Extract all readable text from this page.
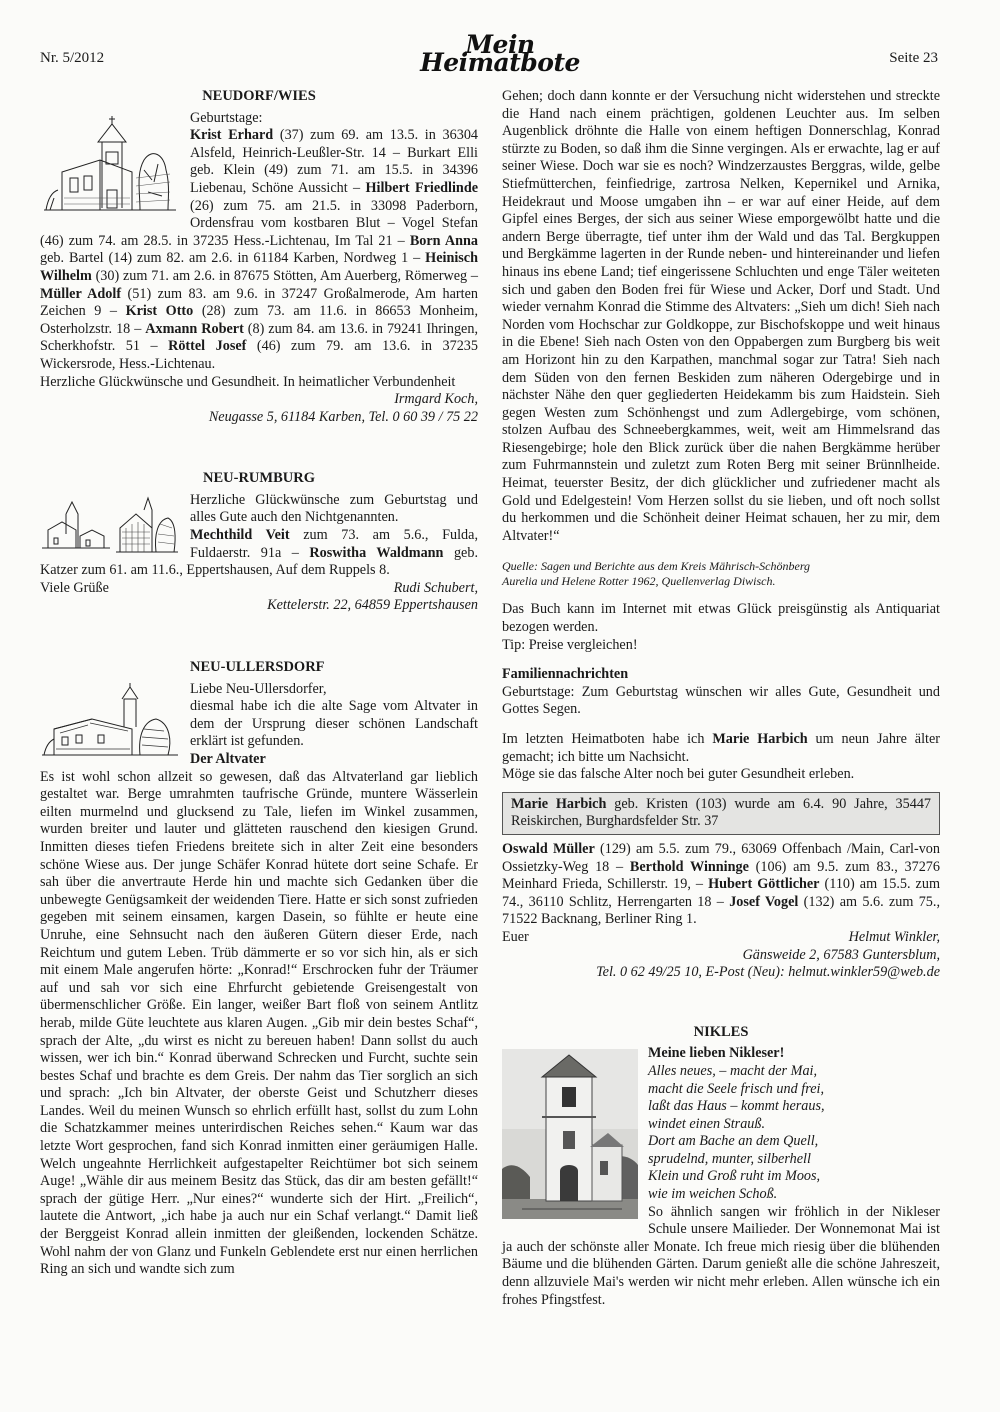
Nr. 5/2012	Mein Heimatbote	Seite 23
NEUDORF/WIES

Geburtstage:
Krist Erhard (37) zum 69. am 13.5. in 36304 Alsfeld, Heinrich-Leußler-Str. 14 – Burkart Elli geb. Klein (49) zum 71. am 15.5. in 34396 Liebenau, Schöne Aussicht – Hilbert Friedlinde (26) zum 75. am 21.5. in 33098 Paderborn, Ordensfrau vom kostbaren Blut – Vogel Stefan (46) zum 74. am 28.5. in 37235 Hess.-Lichtenau, Im Tal 21 – Born Anna geb. Bartel (14) zum 82. am 2.6. in 61184 Karben, Nordweg 1 – Heinisch Wilhelm (30) zum 71. am 2.6. in 87675 Stötten, Am Auerberg, Römerweg – Müller Adolf (51) zum 83. am 9.6. in 37247 Großalmerode, Am harten Zeichen 9 – Krist Otto (28) zum 73. am 11.6. in 86653 Monheim, Osterholzstr. 18 – Axmann Robert (8) zum 84. am 13.6. in 79241 Ihringen, Scherkhofstr. 51 – Röttel Josef (46) zum 79. am 13.6. in 37235 Wickersrode, Hess.-Lichtenau.

Herzliche Glückwünsche und Gesundheit. In heimatlicher Verbundenheit

Irmgard Koch,
Neugasse 5, 61184 Karben, Tel. 0 60 39 / 75 22
NEU-RUMBURG

Herzliche Glückwünsche zum Geburtstag und alles Gute auch den Nichtgenannten.
Mechthild Veit zum 73. am 5.6., Fulda, Fuldaerstr. 91a – Roswitha Waldmann geb. Katzer zum 61. am 11.6., Eppertshausen, Auf dem Ruppels 8.

Viele Grüße	Rudi Schubert,
Kettelerstr. 22, 64859 Eppertshausen
NEU-ULLERSDORF

Liebe Neu-Ullersdorfer,
diesmal habe ich die alte Sage vom Altvater in dem der Ursprung dieser schönen Landschaft erklärt ist gefunden.
Der Altvater

Es ist wohl schon allzeit so gewesen, daß das Altvaterland gar lieblich gestaltet war. Berge umrahmten taufrische Gründe, muntere Wässerlein eilten murmelnd und glucksend zu Tale, liefen im Winkel zusammen, wurden breiter und lauter und glätteten rauschend den kiesigen Grund. Inmitten dieses tiefen Friedens breitete sich in alter Zeit eine besonders schöne Wiese aus. Der junge Schäfer Konrad hütete dort seine Schafe. Er sah über die anvertraute Herde hin und machte sich Gedanken über die unbewegte Genügsamkeit der weidenden Tiere. Hatte er sich sonst zufrieden gegeben mit seinem einsamen, kargen Dasein, so fühlte er heute eine Unruhe, eine Sehnsucht nach den äußeren Gütern dieser Erde, nach Reichtum und gutem Leben. Trüb dämmerte er so vor sich hin, als er sich mit einem Male angerufen hörte: „Konrad!“ Erschrocken fuhr der Träumer auf und sah vor sich eine Ehrfurcht gebietende Greisengestalt von übermenschlicher Größe. Ein langer, weißer Bart floß von seinem Antlitz herab, milde Güte leuchtete aus klaren Augen. „Gib mir dein bestes Schaf“, sprach der Alte, „du wirst es nicht zu bereuen haben! Dann sollst du auch wissen, wer ich bin.“ Konrad überwand Schrecken und Furcht, suchte sein bestes Schaf und brachte es dem Greis. Der nahm das Tier sorglich an sich und sprach: „Ich bin Altvater, der oberste Geist und Schutzherr dieses Landes. Weil du meinen Wunsch so ehrlich erfüllt hast, sollst du zum Lohn die Schatzkammer meines unterirdischen Reiches sehen.“ Kaum war das letzte Wort gesprochen, fand sich Konrad inmitten einer geräumigen Halle. Welch ungeahnte Herrlichkeit aufgestapelter Reichtümer bot sich seinem Auge! „Wähle dir aus meinem Besitz das Stück, das dir am besten gefällt!“ sprach der gütige Herr. „Nur eines?“ wunderte sich der Hirt. „Freilich“, lautete die Antwort, „ich habe ja auch nur ein Schaf verlangt.“ Damit ließ der Berggeist Konrad allein inmitten der gleißenden, lockenden Schätze. Wohl nahm der von Glanz und Funkeln Geblendete erst nur einen herrlichen Ring an sich und wandte sich zum

Gehen; doch dann konnte er der Versuchung nicht widerstehen und streckte die Hand nach einem prächtigen, goldenen Leuchter aus. Im selben Augenblick dröhnte die Halle von einem heftigen Donnerschlag, Konrad stürzte zu Boden, so daß ihm die Sinne vergingen. Als er erwachte, lag er auf seiner Wiese. Doch war sie es noch? Windzerzaustes Berggras, wilde, gelbe Stiefmütterchen, feinfiedrige, zartrosa Nelken, Kepernikel und Arnika, Heidekraut und Moose umgaben ihn – er war auf einer Heide, auf dem Gipfel eines Berges, der sich aus seiner Wiese emporgewölbt hatte und die andern Berge überragte, tief unter ihm der Wald und das Tal. Bergkuppen und Bergkämme lagerten in der Runde neben- und hintereinander und liefen hinaus ins ebene Land; tief eingerissene Schluchten und enge Täler weiteten sich und gaben den Boden frei für Wiese und Acker, Dorf und Stadt. Und wieder vernahm Konrad die Stimme des Altvaters: „Sieh um dich! Sieh nach Norden vom Hochschar zur Goldkoppe, zur Bischofskoppe und weit hinaus in die Ebene! Sieh nach Osten von den Oppabergen zum Burgberg bis weit am Horizont hin zu den Karpathen, manchmal sogar zur Tatra! Sieh nach dem Süden von den fernen Beskiden zum näheren Odergebirge und in nächster Nähe den quer gegliederten Heidekamm bis zum Haidstein. Sieh gegen Westen zum Schönhengst und zum Adlergebirge, vom schönen, stolzen Aufbau des Schneebergkammes, weit, weit am Himmelsrand das Riesengebirge; hole den Blick zurück über die nahen Bergkämme herüber zum Fuhrmannstein und zuletzt zum Roten Berg mit seiner Brünnlheide. Heimat, teuerster Besitz, der dich glücklicher und zufriedener macht als Gold und Edelgestein! Vom Herzen sollst du sie lieben, und oft noch sollst du herkommen und die Schönheit deiner Heimat schauen, her zu mir, dem Altvater!“

Quelle: Sagen und Berichte aus dem Kreis Mährisch-Schönberg
Aurelia und Helene Rotter 1962, Quellenverlag Diwisch.

Das Buch kann im Internet mit etwas Glück preisgünstig als Antiquariat bezogen werden.

Tip: Preise vergleichen!

Familiennachrichten

Geburtstage: Zum Geburtstag wünschen wir alles Gute, Gesundheit und Gottes Segen.

Im letzten Heimatboten habe ich Marie Harbich um neun Jahre älter gemacht; ich bitte um Nachsicht.

Möge sie das falsche Alter noch bei guter Gesundheit erleben.

Marie Harbich geb. Kristen (103) wurde am 6.4. 90 Jahre, 35447 Reiskirchen, Burghardsfelder Str. 37

Oswald Müller (129) am 5.5. zum 79., 63069 Offenbach /Main, Carl-von Ossietzky-Weg 18 – Berthold Winninge (106) am 9.5. zum 83., 37276 Meinhard Frieda, Schillerstr. 19, – Hubert Göttlicher (110) am 15.5. zum 74., 36110 Schlitz, Herrengarten 18 – Josef Vogel (132) am 5.6. zum 75., 71522 Backnang, Berliner Ring 1.

Euer	Helmut Winkler,
Gänsweide 2, 67583 Guntersblum,
Tel. 0 62 49/25 10, E-Post (Neu): helmut.winkler59@web.de
NIKLES
Meine lieben Nikleser!
Alles neues, – macht der Mai,
macht die Seele frisch und frei,
laßt das Haus – kommt heraus,
windet einen Strauß.
Dort am Bache an dem Quell,
sprudelnd, munter, silberhell
Klein und Groß ruht im Moos,
wie im weichen Schoß.

So ähnlich sangen wir fröhlich in der Nikleser Schule unsere Mailieder. Der Wonnemonat Mai ist ja auch der schönste aller Monate. Ich freue mich riesig über die blühenden Bäume und die blühenden Gärten. Darum genießt alle die schöne Jahreszeit, denn allzuviele Mai's werden wir nicht mehr erleben. Allen wünsche ich ein frohes Pfingstfest.
